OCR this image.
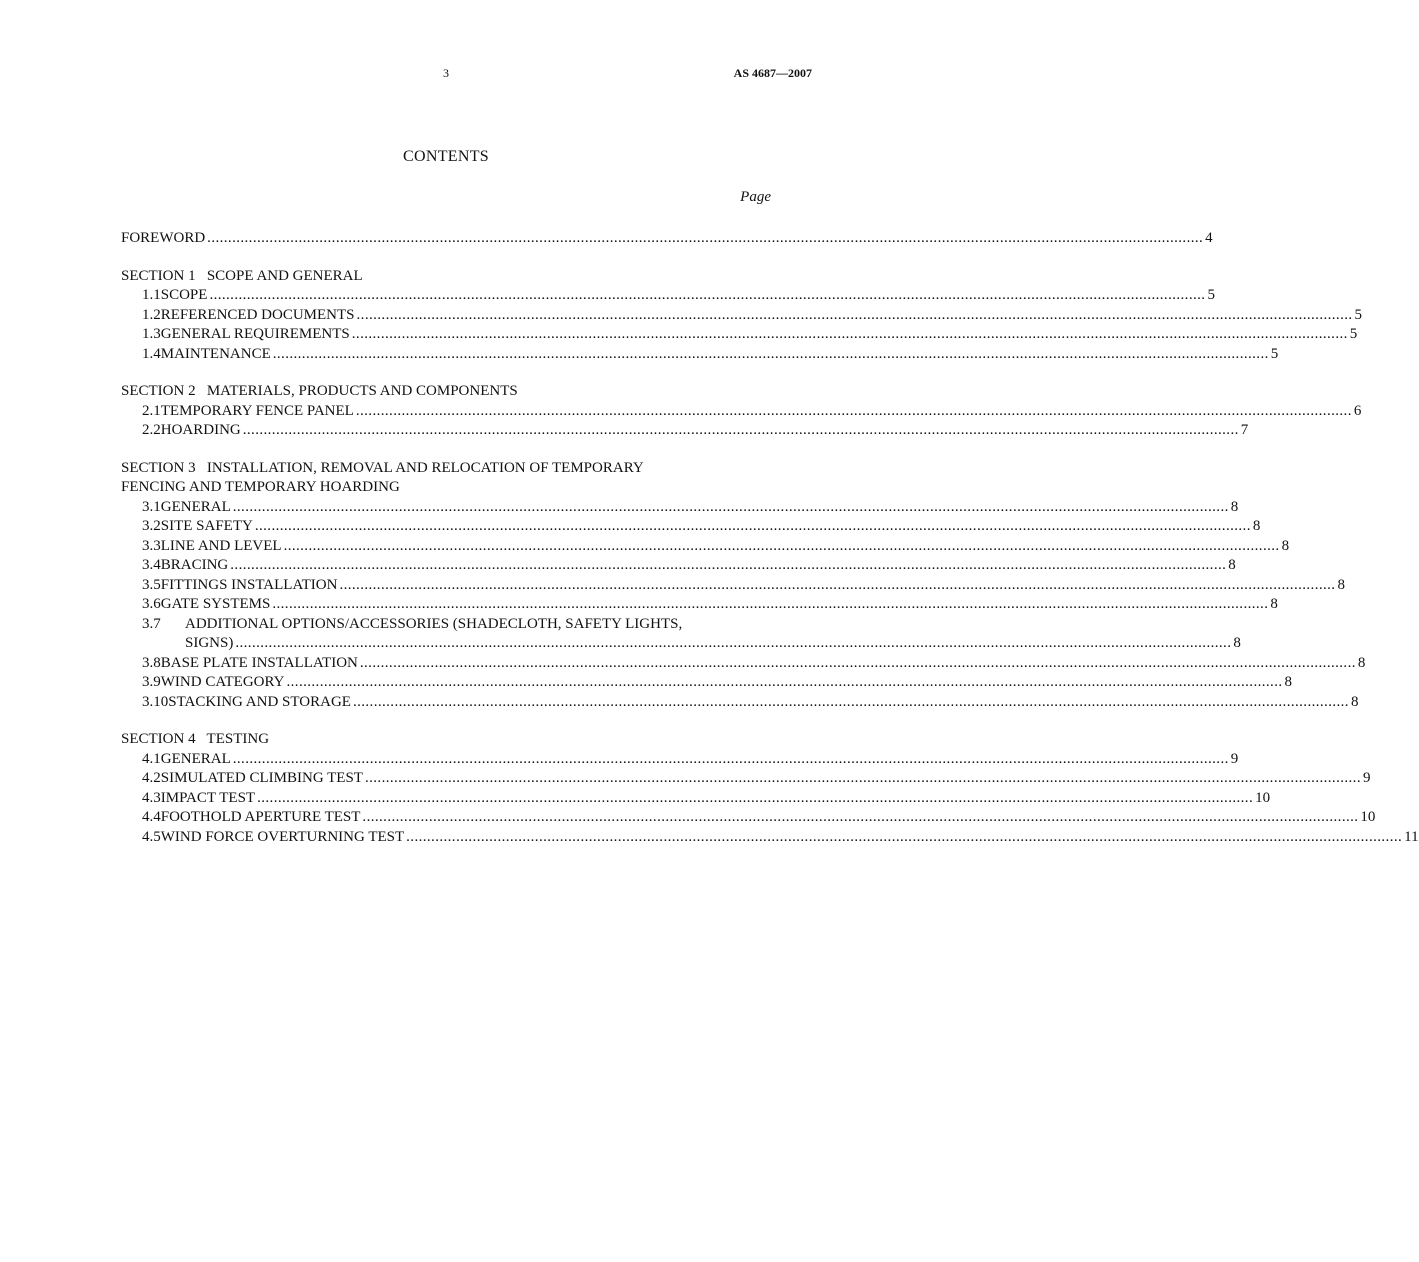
3	AS 4687—2007
CONTENTS
Page
FOREWORD .....	4
SECTION 1   SCOPE AND GENERAL
1.1 SCOPE .....	5
1.2 REFERENCED DOCUMENTS .....	5
1.3 GENERAL REQUIREMENTS .....	5
1.4 MAINTENANCE .....	5
SECTION 2   MATERIALS, PRODUCTS AND COMPONENTS
2.1 TEMPORARY FENCE PANEL .....	6
2.2 HOARDING .....	7
SECTION 3   INSTALLATION, REMOVAL AND RELOCATION OF TEMPORARY
FENCING AND TEMPORARY HOARDING
3.1 GENERAL .....	8
3.2 SITE SAFETY .....	8
3.3 LINE AND LEVEL .....	8
3.4 BRACING .....	8
3.5 FITTINGS INSTALLATION .....	8
3.6 GATE SYSTEMS .....	8
3.7	ADDITIONAL OPTIONS/ACCESSORIES (SHADECLOTH, SAFETY LIGHTS,
SIGNS) .....	8
3.8 BASE PLATE INSTALLATION .....	8
3.9 WIND CATEGORY .....	8
3.10 STACKING AND STORAGE .....	8
SECTION 4   TESTING
4.1 GENERAL .....	9
4.2 SIMULATED CLIMBING TEST .....	9
4.3 IMPACT TEST .....	10
4.4 FOOTHOLD APERTURE TEST .....	10
4.5 WIND FORCE OVERTURNING TEST .....	11
